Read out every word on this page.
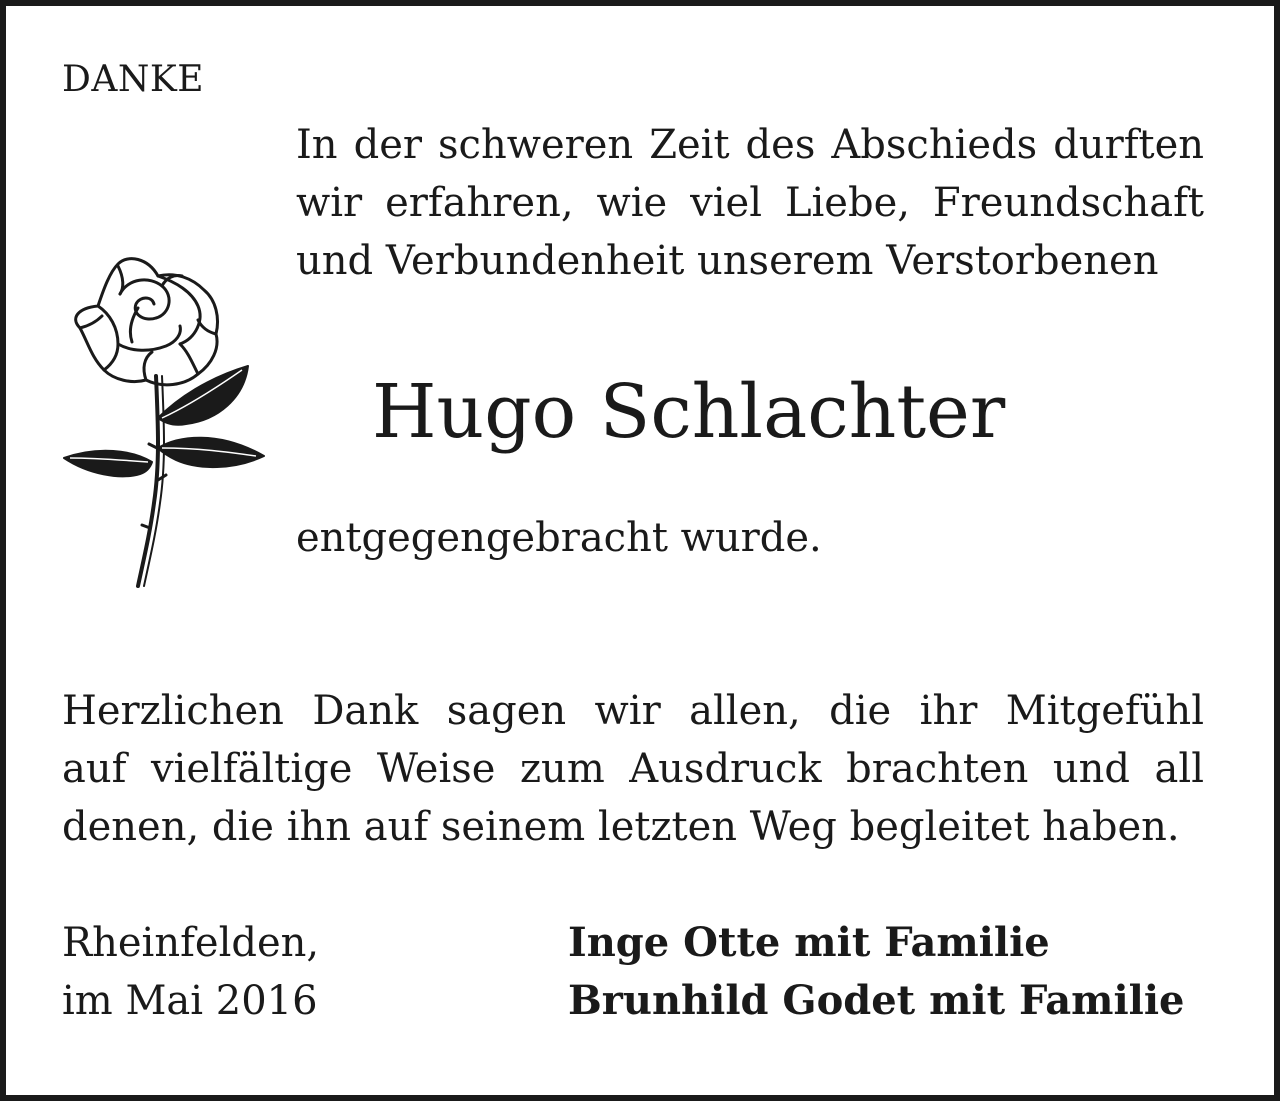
DANKE

In der schweren Zeit des Abschieds durften
wir erfahren, wie viel Liebe, Freundschaft
und Verbundenheit unserem Verstorbenen

Hugo Schlachter
entgegengebracht wurde.

Herzlichen Dank sagen wir allen, die ihr Mitgefühl
auf vielfältige Weise zum Ausdruck brachten und all
denen, die ihn auf seinem letzten Weg begleitet haben.

Rheinfelden,
im Mai 2016
Inge Otte mit Familie
Brunhild Godet mit Familie
